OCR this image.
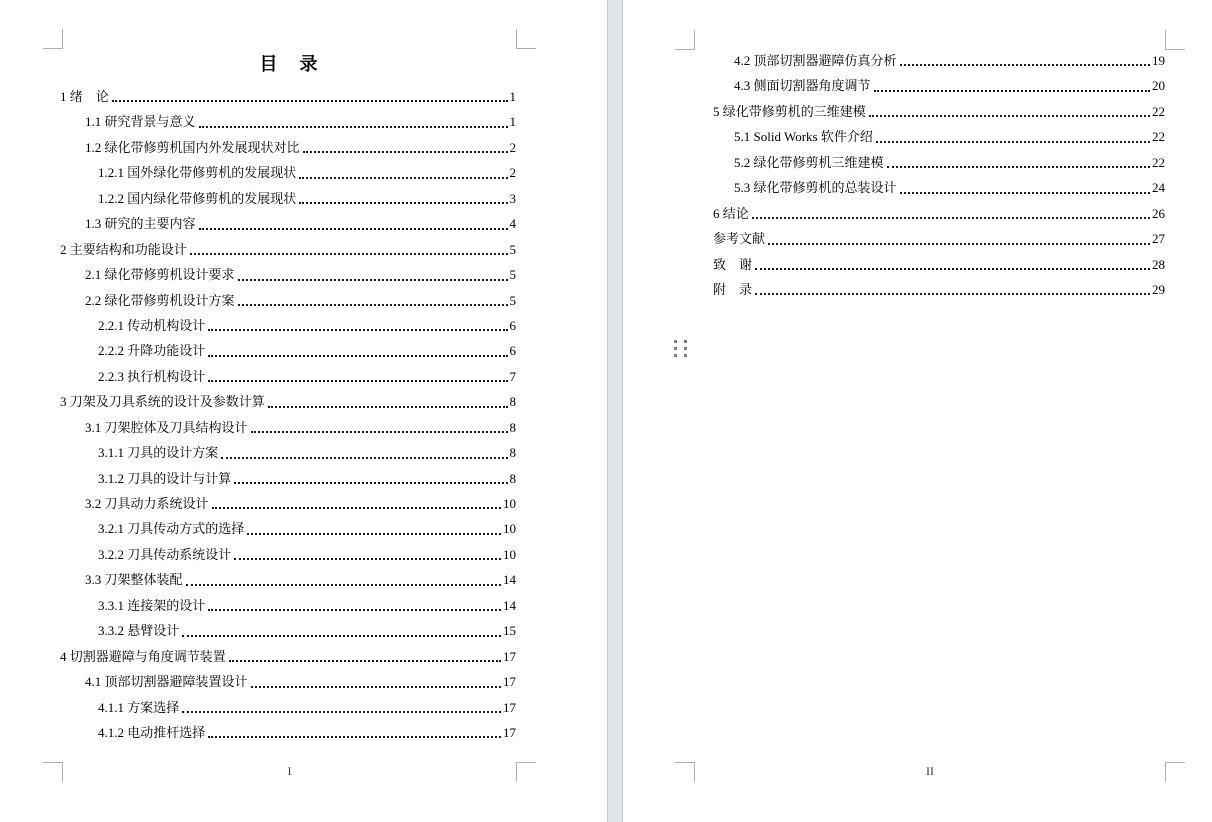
目　录
1 绪　论	1
1.1 研究背景与意义	1
1.2 绿化带修剪机国内外发展现状对比	2
1.2.1 国外绿化带修剪机的发展现状	2
1.2.2 国内绿化带修剪机的发展现状	3
1.3 研究的主要内容	4
2 主要结构和功能设计	5
2.1 绿化带修剪机设计要求	5
2.2 绿化带修剪机设计方案	5
2.2.1 传动机构设计	6
2.2.2 升降功能设计	6
2.2.3 执行机构设计	7
3 刀架及刀具系统的设计及参数计算	8
3.1 刀架腔体及刀具结构设计	8
3.1.1 刀具的设计方案	8
3.1.2 刀具的设计与计算	8
3.2 刀具动力系统设计	10
3.2.1 刀具传动方式的选择	10
3.2.2 刀具传动系统设计	10
3.3 刀架整体装配	14
3.3.1 连接架的设计	14
3.3.2 悬臂设计	15
4 切割器避障与角度调节装置	17
4.1 顶部切割器避障装置设计	17
4.1.1 方案选择	17
4.1.2 电动推杆选择	17
I
4.2 顶部切割器避障仿真分析	19
4.3 侧面切割器角度调节	20
5 绿化带修剪机的三维建模	22
5.1 Solid Works 软件介绍	22
5.2 绿化带修剪机三维建模	22
5.3 绿化带修剪机的总装设计	24
6 结论	26
参考文献	27
致　谢	28
附　录	29
II
